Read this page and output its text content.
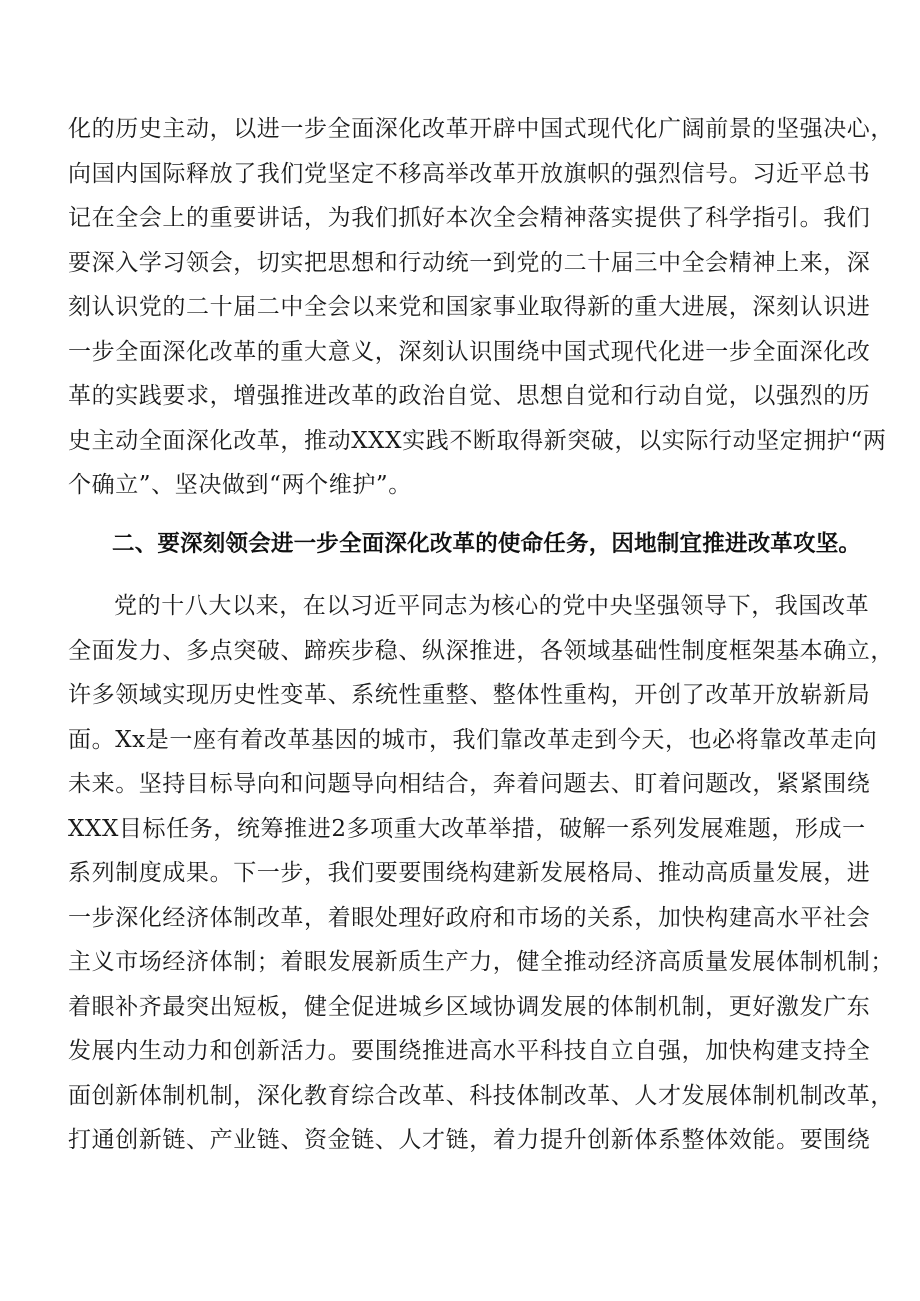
化的历史主动，以进一步全面深化改革开辟中国式现代化广阔前景的坚强决心，
向国内国际释放了我们党坚定不移高举改革开放旗帜的强烈信号。习近平总书
记在全会上的重要讲话，为我们抓好本次全会精神落实提供了科学指引。我们
要深入学习领会，切实把思想和行动统一到党的二十届三中全会精神上来，深
刻认识党的二十届二中全会以来党和国家事业取得新的重大进展，深刻认识进
一步全面深化改革的重大意义，深刻认识围绕中国式现代化进一步全面深化改
革的实践要求，增强推进改革的政治自觉、思想自觉和行动自觉，以强烈的历
史主动全面深化改革，推动XXX实践不断取得新突破，以实际行动坚定拥护“两
个确立”、坚决做到“两个维护”。
二、要深刻领会进一步全面深化改革的使命任务，因地制宜推进改革攻坚。
党的十八大以来，在以习近平同志为核心的党中央坚强领导下，我国改革
全面发力、多点突破、蹄疾步稳、纵深推进，各领域基础性制度框架基本确立，
许多领域实现历史性变革、系统性重整、整体性重构，开创了改革开放崭新局
面。Xx是一座有着改革基因的城市，我们靠改革走到今天，也必将靠改革走向
未来。坚持目标导向和问题导向相结合，奔着问题去、盯着问题改，紧紧围绕
XXX目标任务，统筹推进2多项重大改革举措，破解一系列发展难题，形成一
系列制度成果。下一步，我们要要围绕构建新发展格局、推动高质量发展，进
一步深化经济体制改革，着眼处理好政府和市场的关系，加快构建高水平社会
主义市场经济体制；着眼发展新质生产力，健全推动经济高质量发展体制机制；
着眼补齐最突出短板，健全促进城乡区域协调发展的体制机制，更好激发广东
发展内生动力和创新活力。要围绕推进高水平科技自立自强，加快构建支持全
面创新体制机制，深化教育综合改革、科技体制改革、人才发展体制机制改革，
打通创新链、产业链、资金链、人才链，着力提升创新体系整体效能。要围绕
